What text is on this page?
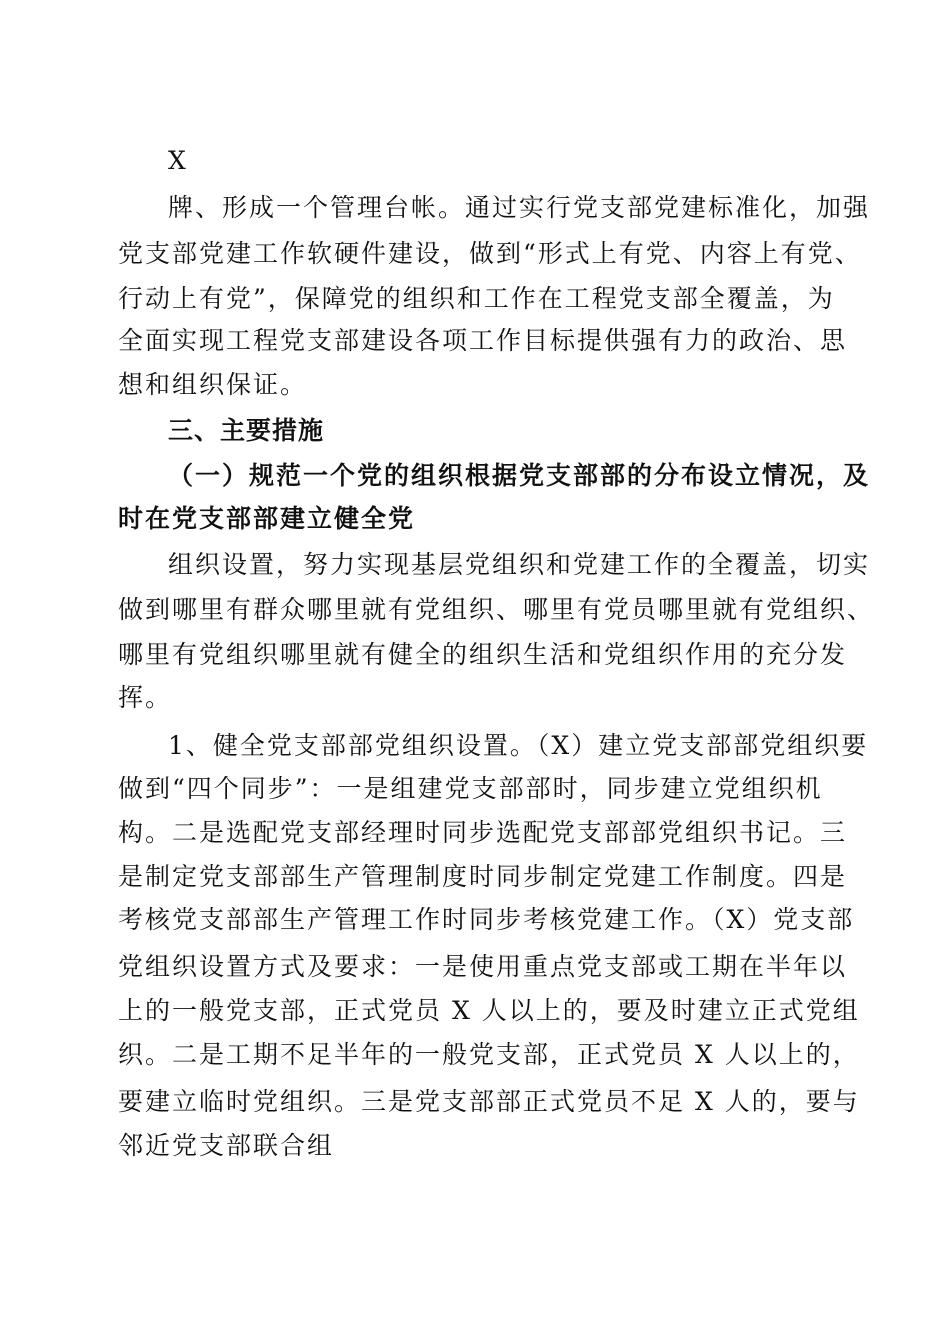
X
牌、形成一个管理台帐。通过实行党支部党建标准化，加强
党支部党建工作软硬件建设，做到“形式上有党、内容上有党、
行动上有党”，保障党的组织和工作在工程党支部全覆盖，为
全面实现工程党支部建设各项工作目标提供强有力的政治、思
想和组织保证。
三、主要措施
（一）规范一个党的组织根据党支部部的分布设立情况，及
时在党支部部建立健全党
组织设置，努力实现基层党组织和党建工作的全覆盖，切实
做到哪里有群众哪里就有党组织、哪里有党员哪里就有党组织、
哪里有党组织哪里就有健全的组织生活和党组织作用的充分发
挥。
1、健全党支部部党组织设置。（X）建立党支部部党组织要
做到“四个同步”：一是组建党支部部时，同步建立党组织机
构。二是选配党支部经理时同步选配党支部部党组织书记。三
是制定党支部部生产管理制度时同步制定党建工作制度。四是
考核党支部部生产管理工作时同步考核党建工作。（X）党支部
党组织设置方式及要求：一是使用重点党支部或工期在半年以
上的一般党支部，正式党员 X 人以上的，要及时建立正式党组
织。二是工期不足半年的一般党支部，正式党员 X 人以上的，
要建立临时党组织。三是党支部部正式党员不足 X 人的，要与
邻近党支部联合组
